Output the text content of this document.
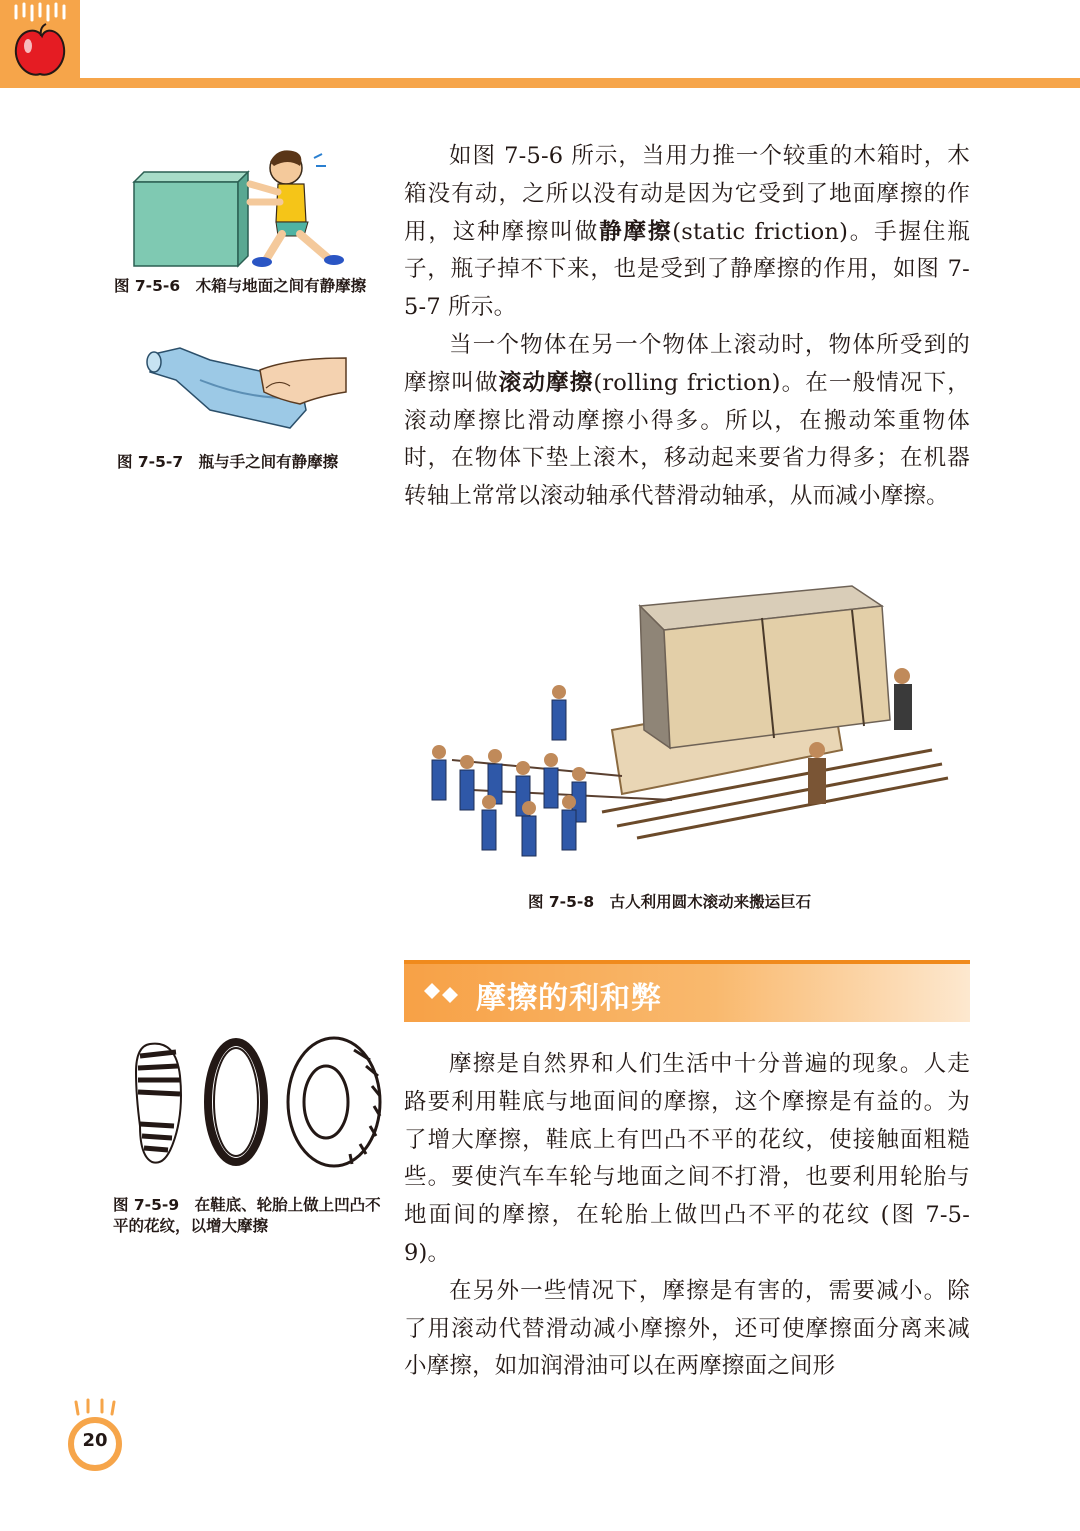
图 7-5-6　木箱与地面之间有静摩擦
图 7-5-7　瓶与手之间有静摩擦

如图 7-5-6 所示，当用力推一个较重的木箱时，木箱没有动，之所以没有动是因为它受到了地面摩擦的作用，这种摩擦叫做静摩擦(static friction)。手握住瓶子，瓶子掉不下来，也是受到了静摩擦的作用，如图 7-5-7 所示。

当一个物体在另一个物体上滚动时，物体所受到的摩擦叫做滚动摩擦(rolling friction)。在一般情况下，滚动摩擦比滑动摩擦小得多。所以，在搬动笨重物体时，在物体下垫上滚木，移动起来要省力得多；在机器转轴上常常以滚动轴承代替滑动轴承，从而减小摩擦。

图 7-5-8　古人利用圆木滚动来搬运巨石
摩擦的利和弊
图 7-5-9　在鞋底、轮胎上做上凹凸不平的花纹，以增大摩擦

摩擦是自然界和人们生活中十分普遍的现象。人走路要利用鞋底与地面间的摩擦，这个摩擦是有益的。为了增大摩擦，鞋底上有凹凸不平的花纹，使接触面粗糙些。要使汽车车轮与地面之间不打滑，也要利用轮胎与地面间的摩擦，在轮胎上做凹凸不平的花纹 (图 7-5-9)。

在另外一些情况下，摩擦是有害的，需要减小。除了用滚动代替滑动减小摩擦外，还可使摩擦面分离来减小摩擦，如加润滑油可以在两摩擦面之间形

20
